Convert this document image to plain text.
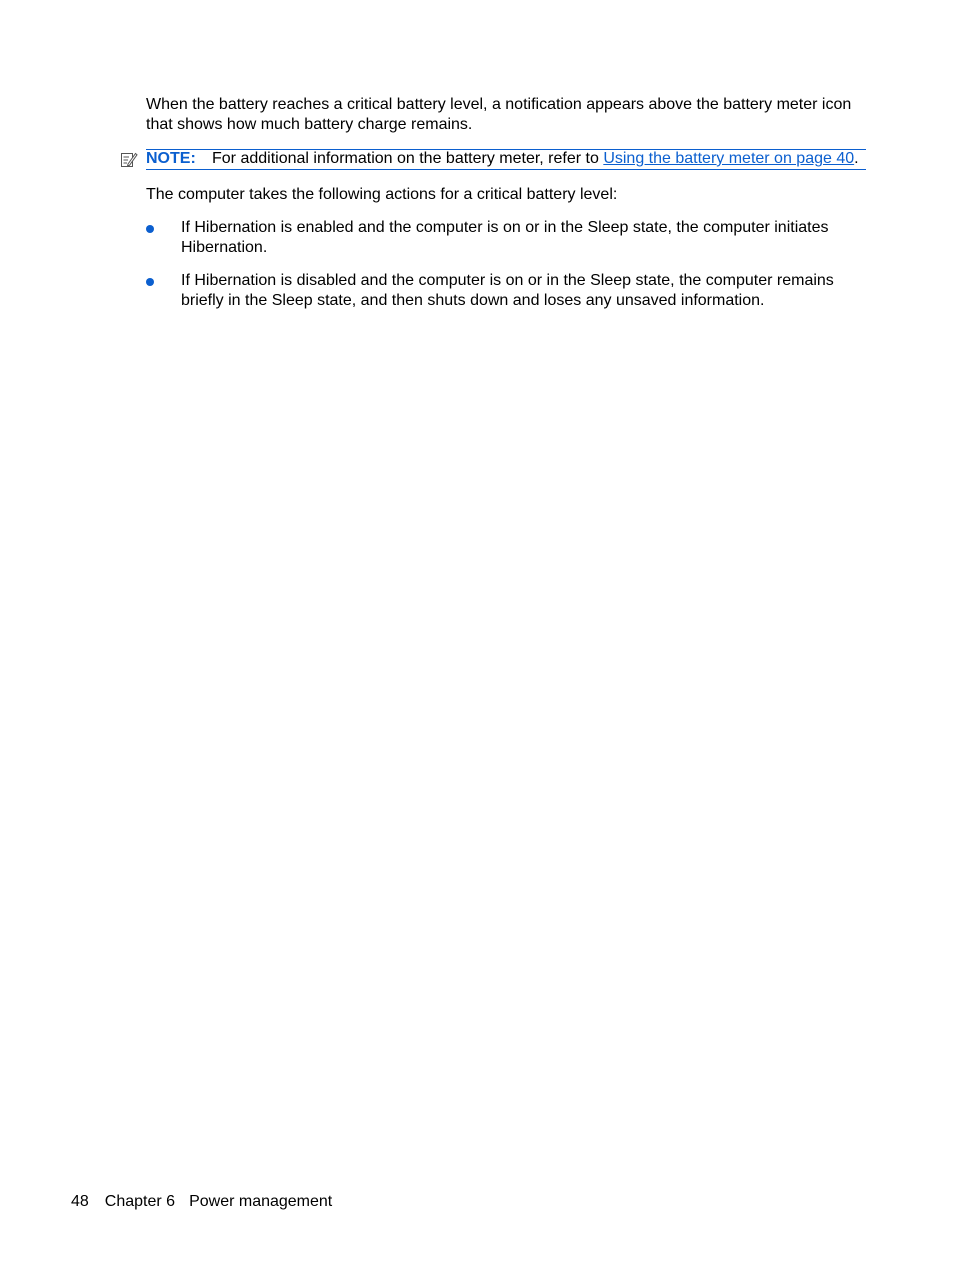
When the battery reaches a critical battery level, a notification appears above the battery meter icon that shows how much battery charge remains.

NOTE: For additional information on the battery meter, refer to Using the battery meter on page 40.

The computer takes the following actions for a critical battery level:

If Hibernation is enabled and the computer is on or in the Sleep state, the computer initiates Hibernation.
If Hibernation is disabled and the computer is on or in the Sleep state, the computer remains briefly in the Sleep state, and then shuts down and loses any unsaved information.
48 Chapter 6 Power management
